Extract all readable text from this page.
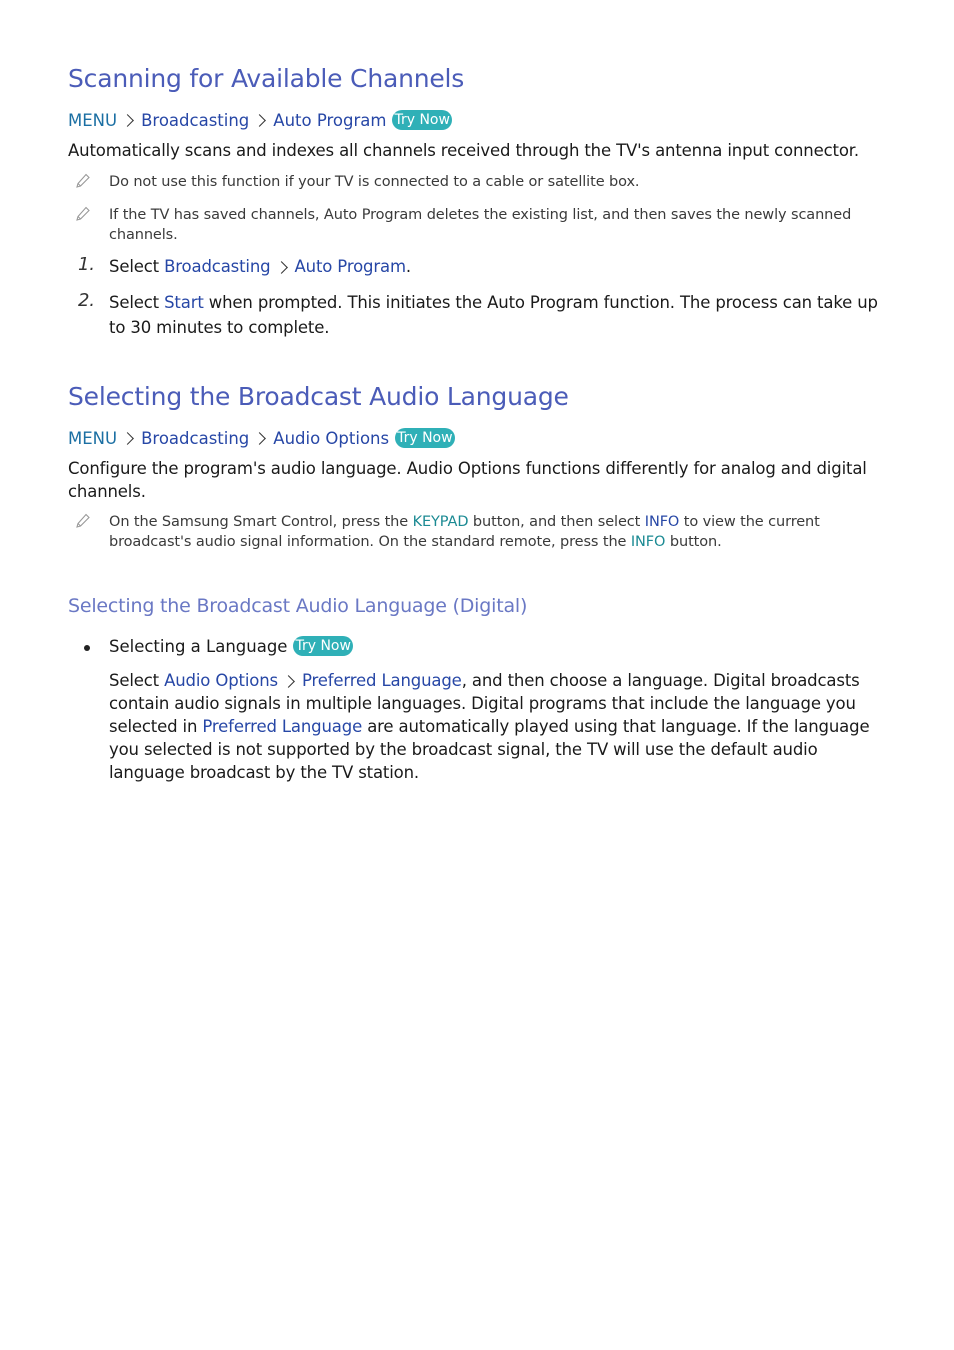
Scanning for Available Channels
MENU Broadcasting Auto Program Try Now
Automatically scans and indexes all channels received through the TV's antenna input connector.
Do not use this function if your TV is connected to a cable or satellite box.
If the TV has saved channels, Auto Program deletes the existing list, and then saves the newly scanned channels.
1. Select Broadcasting Auto Program.
2. Select Start when prompted. This initiates the Auto Program function. The process can take up to 30 minutes to complete.
Selecting the Broadcast Audio Language
MENU Broadcasting Audio Options Try Now
Configure the program's audio language. Audio Options functions differently for analog and digital channels.
On the Samsung Smart Control, press the KEYPAD button, and then select INFO to view the current broadcast's audio signal information. On the standard remote, press the INFO button.
Selecting the Broadcast Audio Language (Digital)
Selecting a Language Try Now
Select Audio Options Preferred Language, and then choose a language. Digital broadcasts contain audio signals in multiple languages. Digital programs that include the language you selected in Preferred Language are automatically played using that language. If the language you selected is not supported by the broadcast signal, the TV will use the default audio language broadcast by the TV station.
